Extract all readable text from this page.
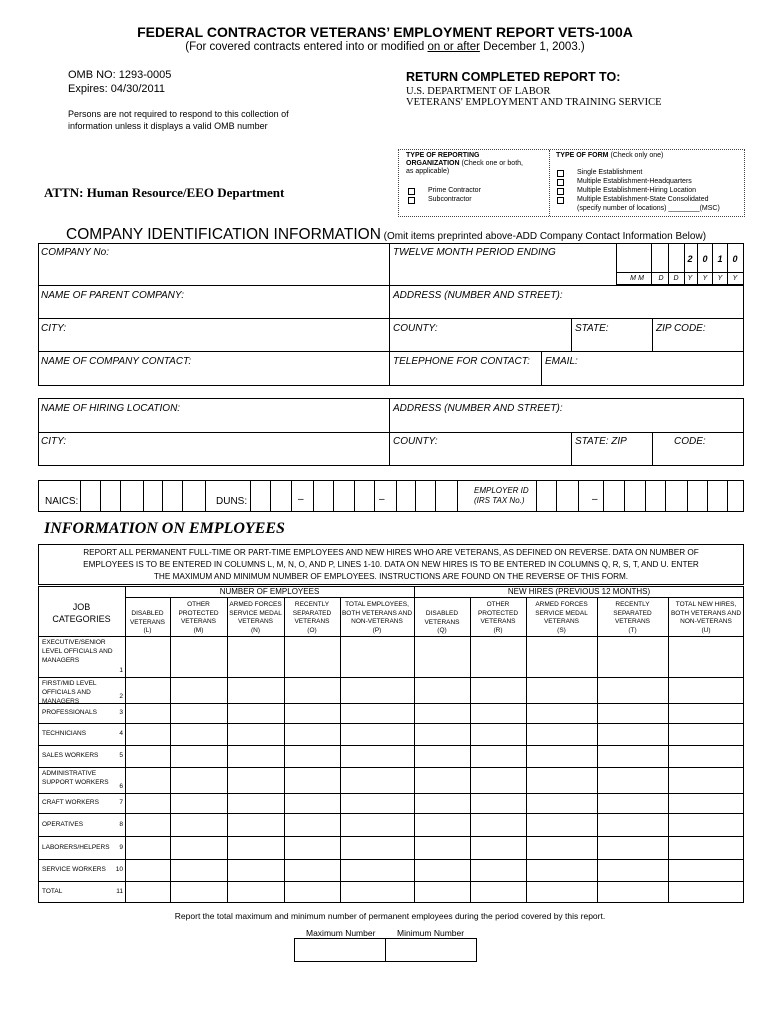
FEDERAL CONTRACTOR VETERANS’ EMPLOYMENT REPORT VETS-100A
(For covered contracts entered into or modified on or after December 1, 2003.)
OMB NO: 1293-0005
Expires: 04/30/2011
Persons are not required to respond to this collection of
information unless it displays a valid OMB number
RETURN COMPLETED REPORT TO:
U.S. DEPARTMENT OF LABOR
VETERANS' EMPLOYMENT AND TRAINING SERVICE
ATTN: Human Resource/EEO Department
TYPE OF REPORTING
ORGANIZATION (Check one or both,
as applicable)
Prime Contractor
Subcontractor
TYPE OF FORM (Check only one)
Single Establishment
Multiple Establishment-Headquarters
Multiple Establishment-Hiring Location
Multiple Establishment-State Consolidated
(specify number of locations) ________(MSC)
COMPANY IDENTIFICATION INFORMATION (Omit items preprinted above-ADD Company Contact Information Below)
COMPANY No:	TWELVE MONTH PERIOD ENDING
2	0	1	0
M M	D	D	Y	Y	Y	Y
NAME OF PARENT COMPANY:	ADDRESS (NUMBER AND STREET):
CITY:	COUNTY:	STATE:	ZIP CODE:
NAME OF COMPANY CONTACT:	TELEPHONE FOR CONTACT: EMAIL:
NAME OF HIRING LOCATION:	ADDRESS (NUMBER AND STREET):
CITY:	COUNTY:	STATE: ZIP	CODE:
NAICS:	DUNS:	–	–
EMPLOYER ID
(IRS TAX No.)	–
INFORMATION ON EMPLOYEES
REPORT ALL PERMANENT FULL-TIME OR PART-TIME EMPLOYEES AND NEW HIRES WHO ARE VETERANS, AS DEFINED ON REVERSE. DATA ON NUMBER OF
EMPLOYEES IS TO BE ENTERED IN COLUMNS L, M, N, O, AND P, LINES 1-10. DATA ON NEW HIRES IS TO BE ENTERED IN COLUMNS Q, R, S, T, AND U. ENTER
THE MAXIMUM AND MINIMUM NUMBER OF EMPLOYEES. INSTRUCTIONS ARE FOUND ON THE REVERSE OF THIS FORM.
NUMBER OF EMPLOYEES	NEW HIRES (PREVIOUS 12 MONTHS)
JOB
CATEGORIES
DISABLED
VETERANS
(L)
OTHER
PROTECTED
VETERANS
(M)
ARMED FORCES
SERVICE MEDAL
VETERANS
(N)
RECENTLY
SEPARATED
VETERANS
(O)
TOTAL EMPLOYEES,
BOTH VETERANS AND
NON-VETERANS
(P)
DISABLED
VETERANS
(Q)
OTHER
PROTECTED
VETERANS
(R)
ARMED FORCES
SERVICE MEDAL
VETERANS
(S)
RECENTLY
SEPARATED
VETERANS
(T)
TOTAL NEW HIRES,
BOTH VETERANS AND
NON-VETERANS
(U)
EXECUTIVE/SENIOR
LEVEL OFFICIALS AND
MANAGERS
1
FIRST/MID LEVEL
OFFICIALS AND
MANAGERS
2
PROFESSIONALS	3
TECHNICIANS	4
SALES WORKERS	5
ADMINISTRATIVE
SUPPORT WORKERS
6
CRAFT WORKERS	7
OPERATIVES	8
LABORERS/HELPERS	9
SERVICE WORKERS 10
TOTAL	11
Report the total maximum and minimum number of permanent employees during the period covered by this report.
Maximum Number	Minimum Number
